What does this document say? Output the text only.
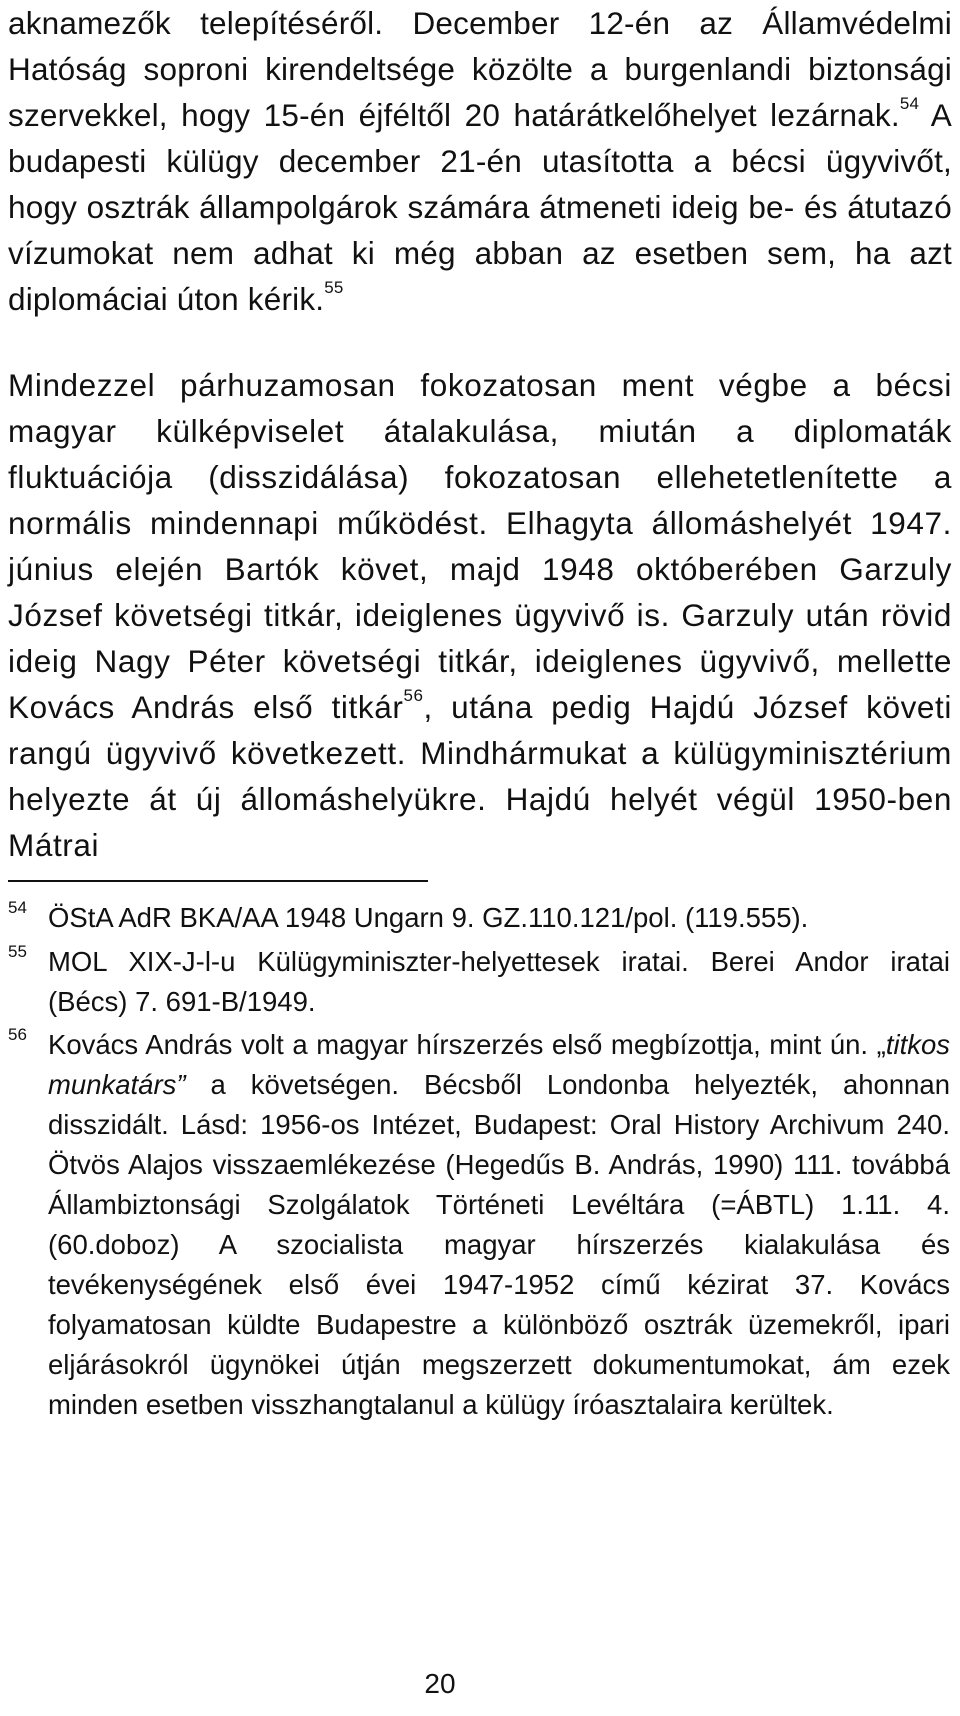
aknamezők telepítéséről. December 12-én az Államvédelmi Hatóság soproni kirendeltsége közölte a burgenlandi biztonsági szervekkel, hogy 15-én éjféltől 20 határátkelőhelyet lezárnak.$^{54}$ A budapesti külügy december 21-én utasította a bécsi ügyvivőt, hogy osztrák állampolgárok számára átmeneti ideig be- és átutazó vízumokat nem adhat ki még abban az esetben sem, ha azt diplomáciai úton kérik.$^{55}$

Mindezzel párhuzamosan fokozatosan ment végbe a bécsi magyar külképviselet átalakulása, miután a diplomaták fluktuációja (disszidálása) fokozatosan ellehetetlenítette a normális mindennapi működést. Elhagyta állomáshelyét 1947. június elején Bartók követ, majd 1948 októberében Garzuly József követségi titkár, ideiglenes ügyvivő is. Garzuly után rövid ideig Nagy Péter követségi titkár, ideiglenes ügyvivő, mellette Kovács András első titkár$^{56}$, utána pedig Hajdú József követi rangú ügyvivő következett. Mindhármukat a külügyminisztérium helyezte át új állomáshelyükre. Hajdú helyét végül 1950-ben Mátrai

54 ÖStA AdR BKA/AA 1948 Ungarn 9. GZ.110.121/pol. (119.555).
55 MOL XIX-J-l-u Külügyminiszter-helyettesek iratai. Berei Andor iratai (Bécs) 7. 691-B/1949.
56 Kovács András volt a magyar hírszerzés első megbízottja, mint ún. „titkos munkatárs” a követségen. Bécsből Londonba helyezték, ahonnan disszidált. Lásd: 1956-os Intézet, Budapest: Oral History Archivum 240. Ötvös Alajos visszaemlékezése (Hegedűs B. András, 1990) 111. továbbá Állambiztonsági Szolgálatok Történeti Levéltára (=ÁBTL) 1.11. 4. (60.doboz) A szocialista magyar hírszerzés kialakulása és tevékenységének első évei 1947-1952 című kézirat 37. Kovács folyamatosan küldte Budapestre a különböző osztrák üzemekről, ipari eljárásokról ügynökei útján megszerzett dokumentumokat, ám ezek minden esetben visszhangtalanul a külügy íróasztalaira kerültek.
20
